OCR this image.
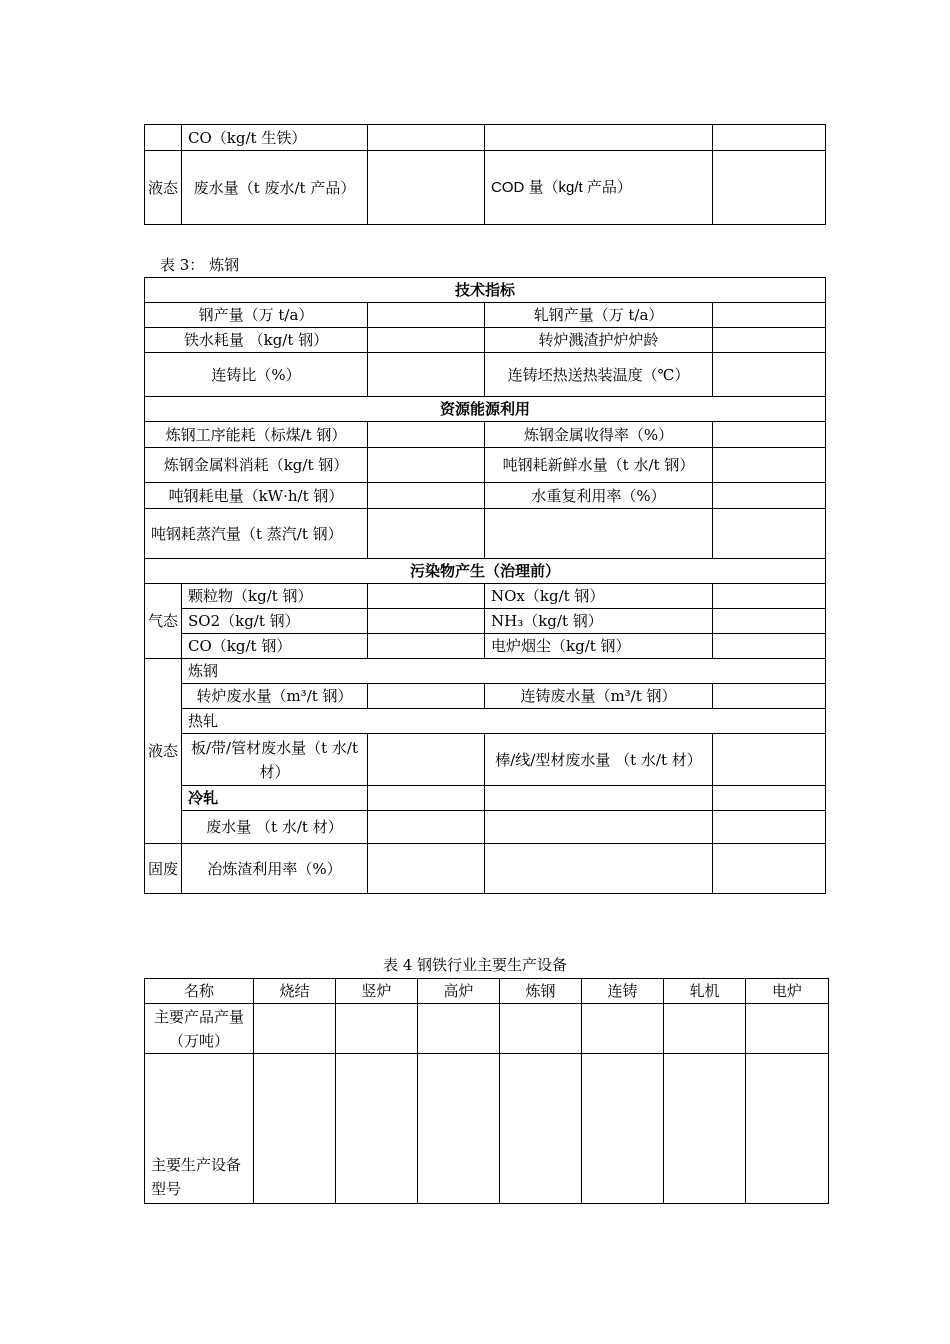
	CO（kg/t 生铁）			
液态	废水量（t 废水/t 产品）		COD 量（kg/t 产品）	
表 3： 炼钢
技术指标				
钢产量（万 t/a）			轧钢产量（万 t/a）	
铁水耗量 （kg/t 钢）			转炉溅渣护炉炉龄	
连铸比（%）			连铸坯热送热装温度（℃）	
资源能源利用				
炼钢工序能耗（标煤/t 钢）			炼钢金属收得率（%）	
炼钢金属料消耗（kg/t 钢）			吨钢耗新鲜水量（t 水/t 钢）	
吨钢耗电量（kW·h/t 钢）			水重复利用率（%）	
吨钢耗蒸汽量（t 蒸汽/t 钢）				
污染物产生（治理前）				
气态	颗粒物（kg/t 钢）		NOx（kg/t 钢）	
	SO2（kg/t 钢）		NH₃（kg/t 钢）	
	CO（kg/t 钢）		电炉烟尘（kg/t 钢）	
液态	炼钢			
	转炉废水量（m³/t 钢）		连铸废水量（m³/t 钢）	
	热轧			
	板/带/管材废水量（t 水/t 材）		棒/线/型材废水量 （t 水/t 材）	
	冷轧			
	废水量 （t 水/t 材）			

固废	冶炼渣利用率（%）			
表 4 钢铁行业主要生产设备
名称	烧结	竖炉	高炉	炼钢	连铸	轧机	电炉
主要产品产量（万吨）							
主要生产设备型号							
